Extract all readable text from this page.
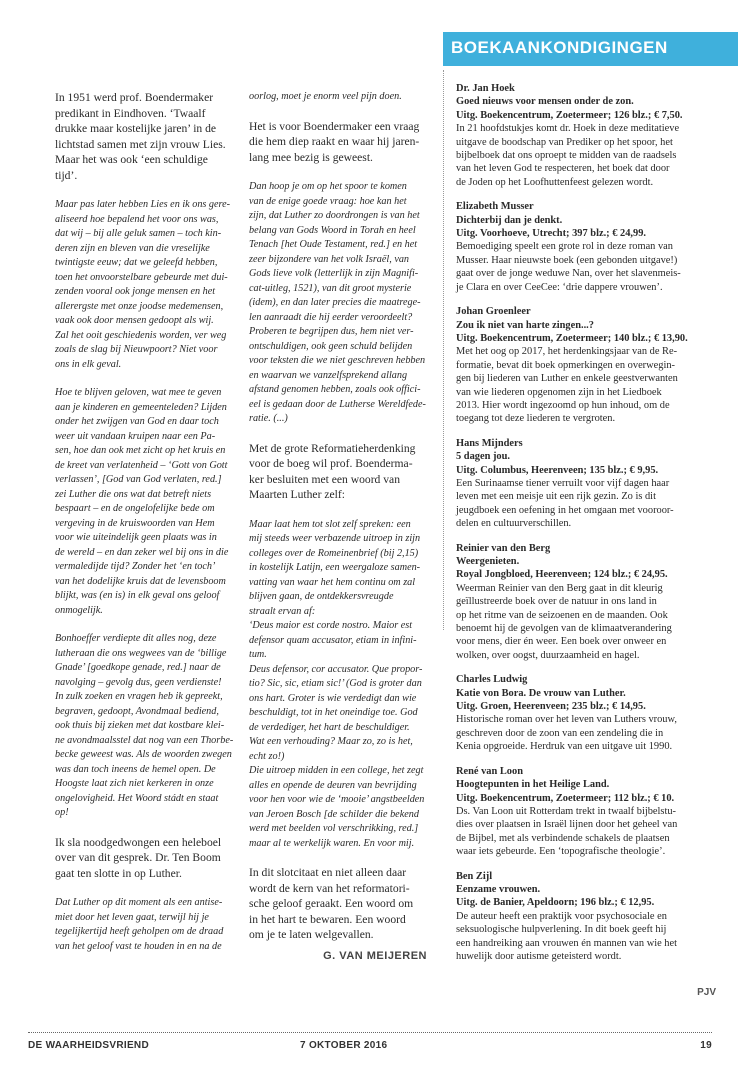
In 1951 werd prof. Boendermaker
predikant in Eindhoven. ‘Twaalf
drukke maar kostelijke jaren’ in de
lichtstad samen met zijn vrouw Lies.
Maar het was ook ‘een schuldige
tijd’.
Maar pas later hebben Lies en ik ons gere-
aliseerd hoe bepalend het voor ons was,
dat wij – bij alle geluk samen – toch kin-
deren zijn en bleven van die vreselijke
twintigste eeuw; dat we geleefd hebben,
toen het onvoorstelbare gebeurde met dui-
zenden vooral ook jonge mensen en het
allerergste met onze joodse medemensen,
vaak ook door mensen gedoopt als wij.
Zal het ooit geschiedenis worden, ver weg
zoals de slag bij Nieuwpoort? Niet voor
ons in elk geval.
Hoe te blijven geloven, wat mee te geven
aan je kinderen en gemeenteleden? Lijden
onder het zwijgen van God en daar toch
weer uit vandaan kruipen naar een Pa-
sen, hoe dan ook met zicht op het kruis en
de kreet van verlatenheid – ‘Gott von Gott
verlassen’, [God van God verlaten, red.]
zei Luther die ons wat dat betreft niets
bespaart – en de ongelofelijke bede om
vergeving in de kruiswoorden van Hem
voor wie uiteindelijk geen plaats was in
de wereld – en dan zeker wel bij ons in die
vermaledijde tijd? Zonder het ‘en toch’
van het dodelijke kruis dat de levensboom
blijkt, was (en is) in elk geval ons geloof
onmogelijk.
Bonhoeffer verdiepte dit alles nog, deze
lutheraan die ons wegwees van de ‘billige
Gnade’ [goedkope genade, red.] naar de
navolging – gevolg dus, geen verdienste!
In zulk zoeken en vragen heb ik gepreekt,
begraven, gedoopt, Avondmaal bediend,
ook thuis bij zieken met dat kostbare klei-
ne avondmaalsstel dat nog van een Thorbe-
becke geweest was. Als de woorden zwegen
was dan toch ineens de hemel open. De
Hoogste laat zich niet kerkeren in onze
ongelovigheid. Het Woord stádt en staat
op!
Ik sla noodgedwongen een heleboel
over van dit gesprek. Dr. Ten Boom
gaat ten slotte in op Luther.
Dat Luther op dit moment als een antise-
miet door het leven gaat, terwijl hij je
tegelijkertijd heeft geholpen om de draad
van het geloof vast te houden in en na de
oorlog, moet je enorm veel pijn doen.
Het is voor Boendermaker een vraag
die hem diep raakt en waar hij jaren-
lang mee bezig is geweest.
Dan hoop je om op het spoor te komen
van de enige goede vraag: hoe kan het
zijn, dat Luther zo doordrongen is van het
belang van Gods Woord in Torah en heel
Tenach [het Oude Testament, red.] en het
zeer bijzondere van het volk Israël, van
Gods lieve volk (letterlijk in zijn Magnifi-
cat-uitleg, 1521), van dit groot mysterie
(idem), en dan later precies die maatrege-
len aanraadt die hij eerder veroordeelt?
Proberen te begrijpen dus, hem niet ver-
ontschuldigen, ook geen schuld belijden
voor teksten die we niet geschreven hebben
en waarvan we vanzelfsprekend allang
afstand genomen hebben, zoals ook offici-
eel is gedaan door de Lutherse Wereldfede-
ratie. (...)
Met de grote Reformatieherdenking
voor de boeg wil prof. Boenderma-
ker besluiten met een woord van
Maarten Luther zelf:
Maar laat hem tot slot zelf spreken: een
mij steeds weer verbazende uitroep in zijn
colleges over de Romeinenbrief (bij 2,15)
in kostelijk Latijn, een weergaloze samen-
vatting van waar het hem continu om zal
blijven gaan, de ontdekkersvreugde
straalt ervan af:
‘Deus maior est corde nostro. Maior est
defensor quam accusator, etiam in infini-
tum.
Deus defensor, cor accusator. Que propor-
tio? Sic, sic, etiam sic!’ (God is groter dan
ons hart. Groter is wie verdedigt dan wie
beschuldigt, tot in het oneindige toe. God
de verdediger, het hart de beschuldiger.
Wat een verhouding? Maar zo, zo is het,
echt zo!)
Die uitroep midden in een college, het zegt
alles en opende de deuren van bevrijding
voor hen voor wie de ‘mooie’ angstbeelden
van Jeroen Bosch [de schilder die bekend
werd met beelden vol verschrikking, red.]
maar al te werkelijk waren. En voor mij.
In dit slotcitaat en niet alleen daar
wordt de kern van het reformatori-
sche geloof geraakt. Een woord om
in het hart te bewaren. Een woord
om je te laten welgevallen.
G. VAN MEIJEREN
BOEKAANKONDIGINGEN
Dr. Jan Hoek
Goed nieuws voor mensen onder de zon.
Uitg. Boekencentrum, Zoetermeer; 126 blz.; € 7,50.
In 21 hoofdstukjes komt dr. Hoek in deze meditatieve
uitgave de boodschap van Prediker op het spoor, het
bijbelboek dat ons oproept te midden van de raadsels
van het leven God te respecteren, het boek dat door
de Joden op het Loofhuttenfeest gelezen wordt.
Elizabeth Musser
Dichterbij dan je denkt.
Uitg. Voorhoeve, Utrecht; 397 blz.; € 24,99.
Bemoediging speelt een grote rol in deze roman van
Musser. Haar nieuwste boek (een gebonden uitgave!)
gaat over de jonge weduwe Nan, over het slavenmeis-
je Clara en over CeeCee: ‘drie dappere vrouwen’.
Johan Groenleer
Zou ik niet van harte zingen...?
Uitg. Boekencentrum, Zoetermeer; 140 blz.; € 13,90.
Met het oog op 2017, het herdenkingsjaar van de Re-
formatie, bevat dit boek opmerkingen en overwegin-
gen bij liederen van Luther en enkele geestverwanten
van wie liederen opgenomen zijn in het Liedboek
2013. Hier wordt ingezoomd op hun inhoud, om de
toegang tot deze liederen te vergroten.
Hans Mijnders
5 dagen jou.
Uitg. Columbus, Heerenveen; 135 blz.; € 9,95.
Een Surinaamse tiener verruilt voor vijf dagen haar
leven met een meisje uit een rijk gezin. Zo is dit
jeugdboek een oefening in het omgaan met vooroor-
delen en cultuurverschillen.
Reinier van den Berg
Weergenieten.
Royal Jongbloed, Heerenveen; 124 blz.; € 24,95.
Weerman Reinier van den Berg gaat in dit kleurig
geïllustreerde boek over de natuur in ons land in
op het ritme van de seizoenen en de maanden. Ook
benoemt hij de gevolgen van de klimaatverandering
voor mens, dier én weer. Een boek over onweer en
wolken, over oogst, duurzaamheid en hagel.
Charles Ludwig
Katie von Bora. De vrouw van Luther.
Uitg. Groen, Heerenveen; 235 blz.; € 14,95.
Historische roman over het leven van Luthers vrouw,
geschreven door de zoon van een zendeling die in
Kenia opgroeide. Herdruk van een uitgave uit 1990.
René van Loon
Hoogtepunten in het Heilige Land.
Uitg. Boekencentrum, Zoetermeer; 112 blz.; € 10.
Ds. Van Loon uit Rotterdam trekt in twaalf bijbelstu-
dies over plaatsen in Israël lijnen door het geheel van
de Bijbel, met als verbindende schakels de plaatsen
waar iets gebeurde. Een ‘topografische theologie’.
Ben Zijl
Eenzame vrouwen.
Uitg. de Banier, Apeldoorn; 196 blz.; € 12,95.
De auteur heeft een praktijk voor psychosociale en
seksuologische hulpverlening. In dit boek geeft hij
een handreiking aan vrouwen én mannen van wie het
huwelijk door autisme geteisterd wordt.
PJV
DE WAARHEIDSVRIEND	7 OKTOBER 2016	19
